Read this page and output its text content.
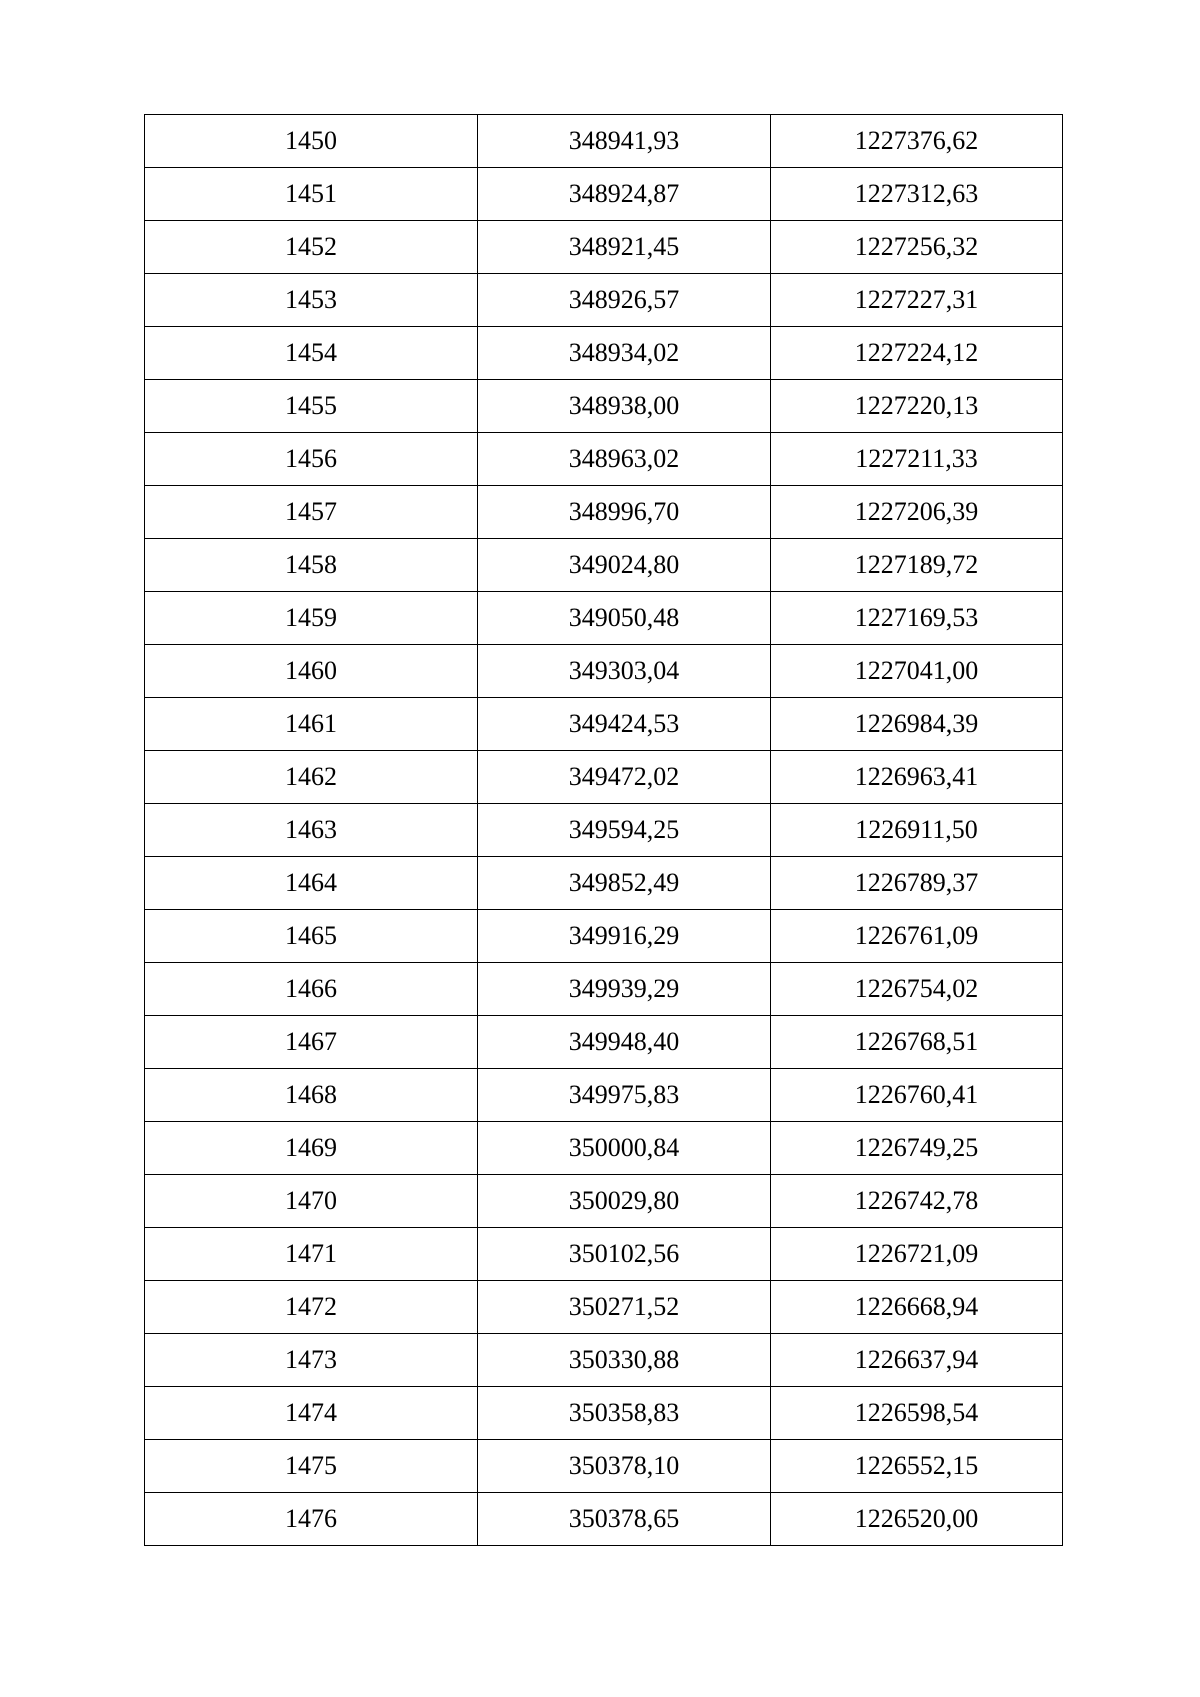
1450	348941,93	1227376,62
1451	348924,87	1227312,63
1452	348921,45	1227256,32
1453	348926,57	1227227,31
1454	348934,02	1227224,12
1455	348938,00	1227220,13
1456	348963,02	1227211,33
1457	348996,70	1227206,39
1458	349024,80	1227189,72
1459	349050,48	1227169,53
1460	349303,04	1227041,00
1461	349424,53	1226984,39
1462	349472,02	1226963,41
1463	349594,25	1226911,50
1464	349852,49	1226789,37
1465	349916,29	1226761,09
1466	349939,29	1226754,02
1467	349948,40	1226768,51
1468	349975,83	1226760,41
1469	350000,84	1226749,25
1470	350029,80	1226742,78
1471	350102,56	1226721,09
1472	350271,52	1226668,94
1473	350330,88	1226637,94
1474	350358,83	1226598,54
1475	350378,10	1226552,15
1476	350378,65	1226520,00
